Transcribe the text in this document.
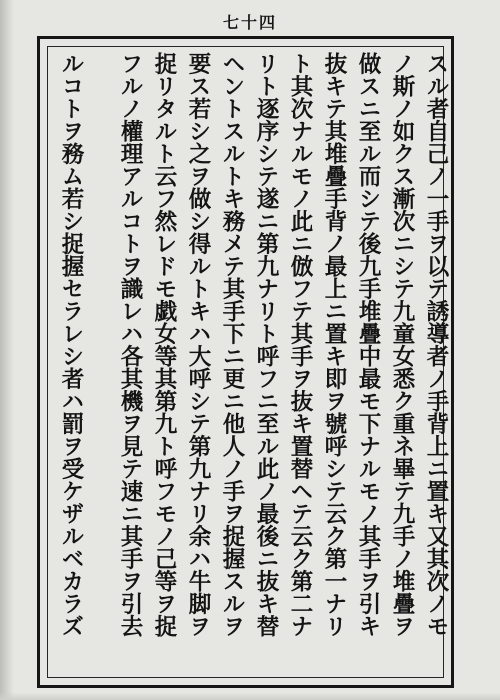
七十四
スル者自己ノ一手ヲ以テ誘導者ノ手背上ニ置キ又其次ノモ
ノ斯ノ如クス漸次ニシテ九童女悉ク重ネ畢テ九手ノ堆疊ヲ
做スニ至ル而シテ後九手堆疊中最モ下ナルモノ其手ヲ引キ
抜キテ其堆疊手背ノ最上ニ置キ即ヲ號呼シテ云ク第一ナリ
ト其次ナルモノ此ニ倣フテ其手ヲ抜キ置替ヘテ云ク第二ナ
リト逐序シテ遂ニ第九ナリト呼フニ至ル此ノ最後ニ抜キ替
ヘントスルトキ務メテ其手下ニ更ニ他人ノ手ヲ捉握スルヲ
要ス若シ之ヲ做シ得ルトキハ大呼シテ第九ナリ余ハ牛脚ヲ
捉リタルト云フ然レドモ戯女等其第九ト呼フモノ己等ヲ捉
フルノ權理アルコトヲ識レハ各其機ヲ見テ速ニ其手ヲ引去
ルコトヲ務ム若シ捉握セラレシ者ハ罰ヲ受ケザルベカラズ
